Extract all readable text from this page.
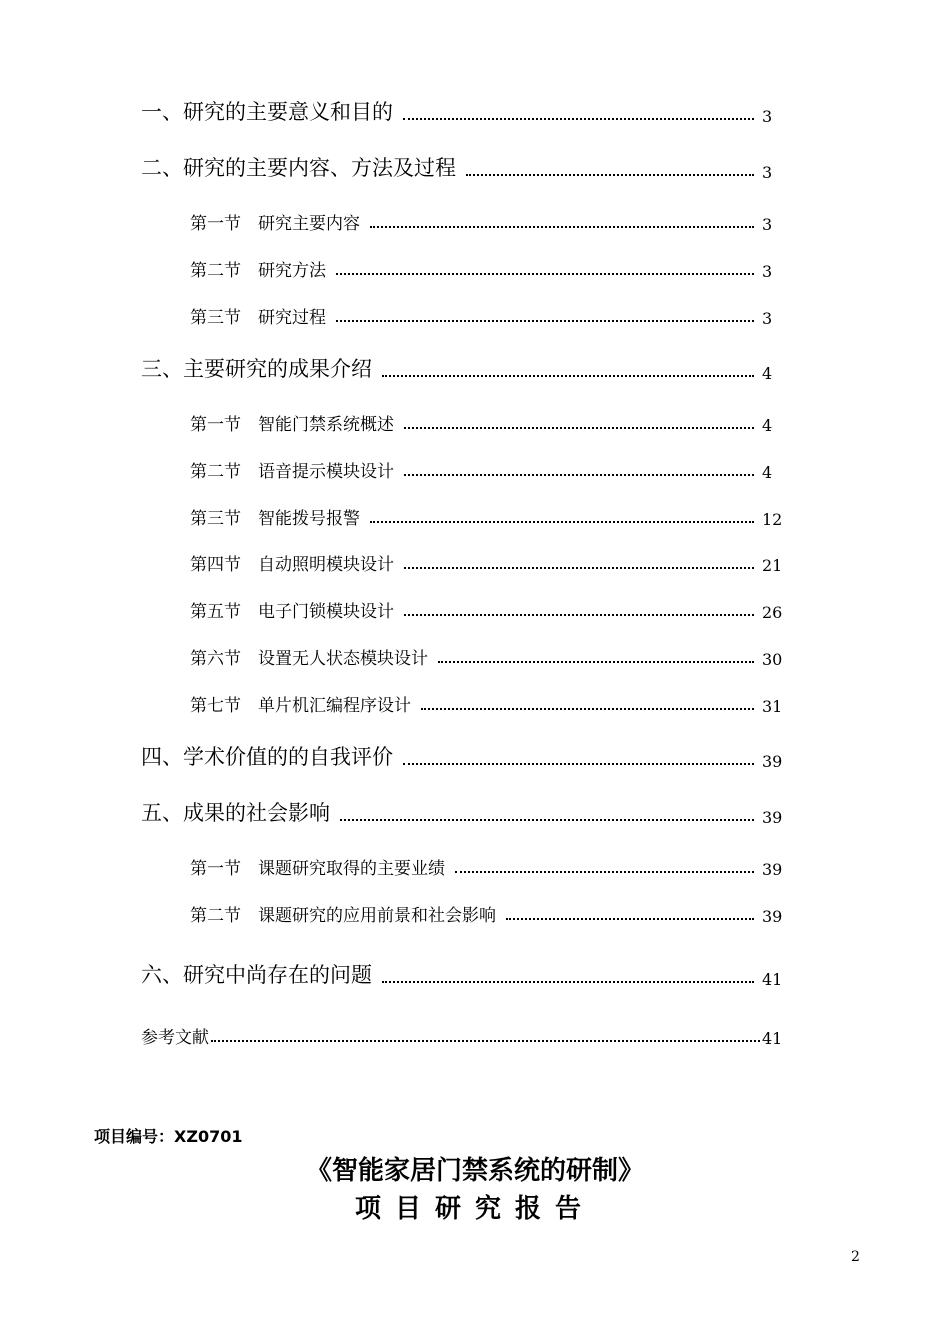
一、研究的主要意义和目的	3
二、研究的主要内容、方法及过程	3
第一节　研究主要内容	3
第二节　研究方法	3
第三节　研究过程	3
三、主要研究的成果介绍	4
第一节　智能门禁系统概述	4
第二节　语音提示模块设计	4
第三节　智能拨号报警	12
第四节　自动照明模块设计	21
第五节　电子门锁模块设计	26
第六节　设置无人状态模块设计	30
第七节　单片机汇编程序设计	31
四、学术价值的的自我评价	39
五、成果的社会影响	39
第一节　课题研究取得的主要业绩	39
第二节　课题研究的应用前景和社会影响	39
六、研究中尚存在的问题	41
参考文献	41
项目编号：XZ0701
《智能家居门禁系统的研制》
项目研究报告
2
